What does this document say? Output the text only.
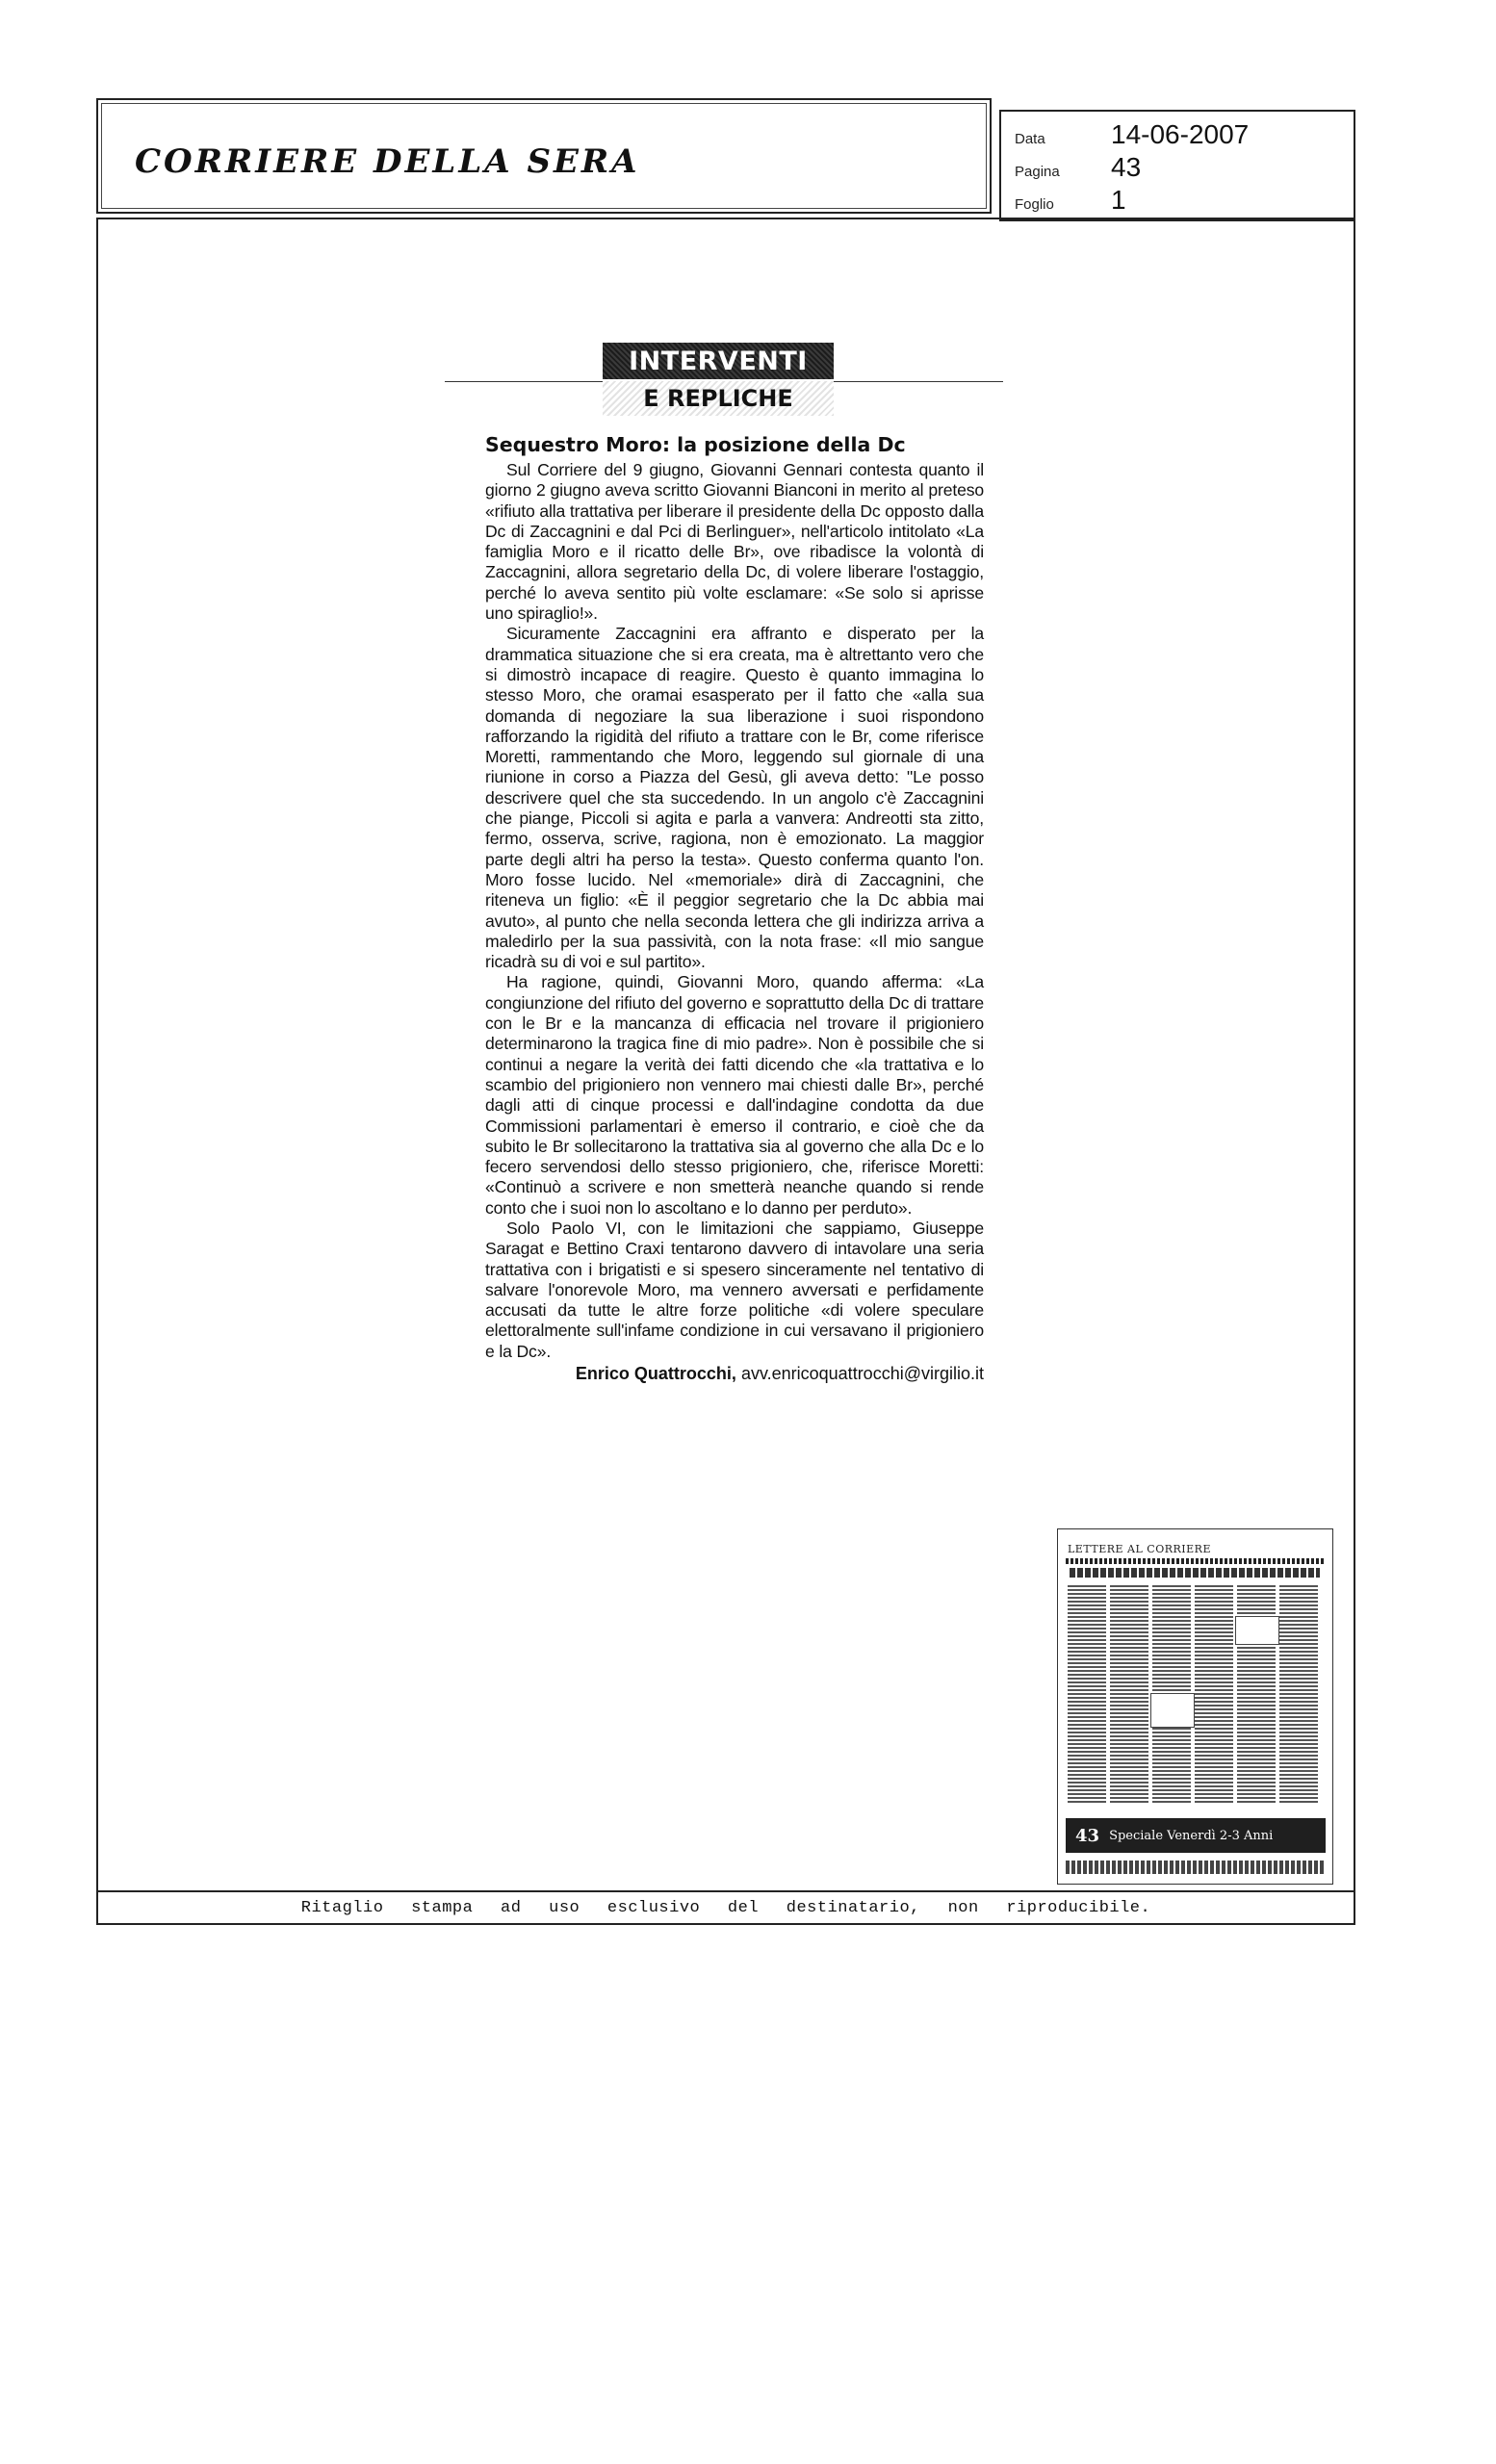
CORRIERE DELLA SERA
Data	14-06-2007
Pagina	43
Foglio	1
INTERVENTI
E REPLICHE
Sequestro Moro: la posizione della Dc

Sul Corriere del 9 giugno, Giovanni Gennari contesta quanto il giorno 2 giugno aveva scritto Giovanni Bianconi in merito al preteso «rifiuto alla trattativa per liberare il presidente della Dc opposto dalla Dc di Zaccagnini e dal Pci di Berlinguer», nell'articolo intitolato «La famiglia Moro e il ricatto delle Br», ove ribadisce la volontà di Zaccagnini, allora segretario della Dc, di volere liberare l'ostaggio, perché lo aveva sentito più volte esclamare: «Se solo si aprisse uno spiraglio!».

Sicuramente Zaccagnini era affranto e disperato per la drammatica situazione che si era creata, ma è altrettanto vero che si dimostrò incapace di reagire. Questo è quanto immagina lo stesso Moro, che oramai esasperato per il fatto che «alla sua domanda di negoziare la sua liberazione i suoi rispondono rafforzando la rigidità del rifiuto a trattare con le Br, come riferisce Moretti, rammentando che Moro, leggendo sul giornale di una riunione in corso a Piazza del Gesù, gli aveva detto: "Le posso descrivere quel che sta succedendo. In un angolo c'è Zaccagnini che piange, Piccoli si agita e parla a vanvera: Andreotti sta zitto, fermo, osserva, scrive, ragiona, non è emozionato. La maggior parte degli altri ha perso la testa». Questo conferma quanto l'on. Moro fosse lucido. Nel «memoriale» dirà di Zaccagnini, che riteneva un figlio: «È il peggior segretario che la Dc abbia mai avuto», al punto che nella seconda lettera che gli indirizza arriva a maledirlo per la sua passività, con la nota frase: «Il mio sangue ricadrà su di voi e sul partito».

Ha ragione, quindi, Giovanni Moro, quando afferma: «La congiunzione del rifiuto del governo e soprattutto della Dc di trattare con le Br e la mancanza di efficacia nel trovare il prigioniero determinarono la tragica fine di mio padre». Non è possibile che si continui a negare la verità dei fatti dicendo che «la trattativa e lo scambio del prigioniero non vennero mai chiesti dalle Br», perché dagli atti di cinque processi e dall'indagine condotta da due Commissioni parlamentari è emerso il contrario, e cioè che da subito le Br sollecitarono la trattativa sia al governo che alla Dc e lo fecero servendosi dello stesso prigioniero, che, riferisce Moretti: «Continuò a scrivere e non smetterà neanche quando si rende conto che i suoi non lo ascoltano e lo danno per perduto».

Solo Paolo VI, con le limitazioni che sappiamo, Giuseppe Saragat e Bettino Craxi tentarono davvero di intavolare una seria trattativa con i brigatisti e si spesero sinceramente nel tentativo di salvare l'onorevole Moro, ma vennero avversati e perfidamente accusati da tutte le altre forze politiche «di volere speculare elettoralmente sull'infame condizione in cui versavano il prigioniero e la Dc».

Enrico Quattrocchi, avv.enricoquattrocchi@virgilio.it
LETTERE AL CORRIERE
43 Speciale Venerdì 2-3 Anni
Ritaglio stampa ad uso esclusivo del destinatario, non riproducibile.
